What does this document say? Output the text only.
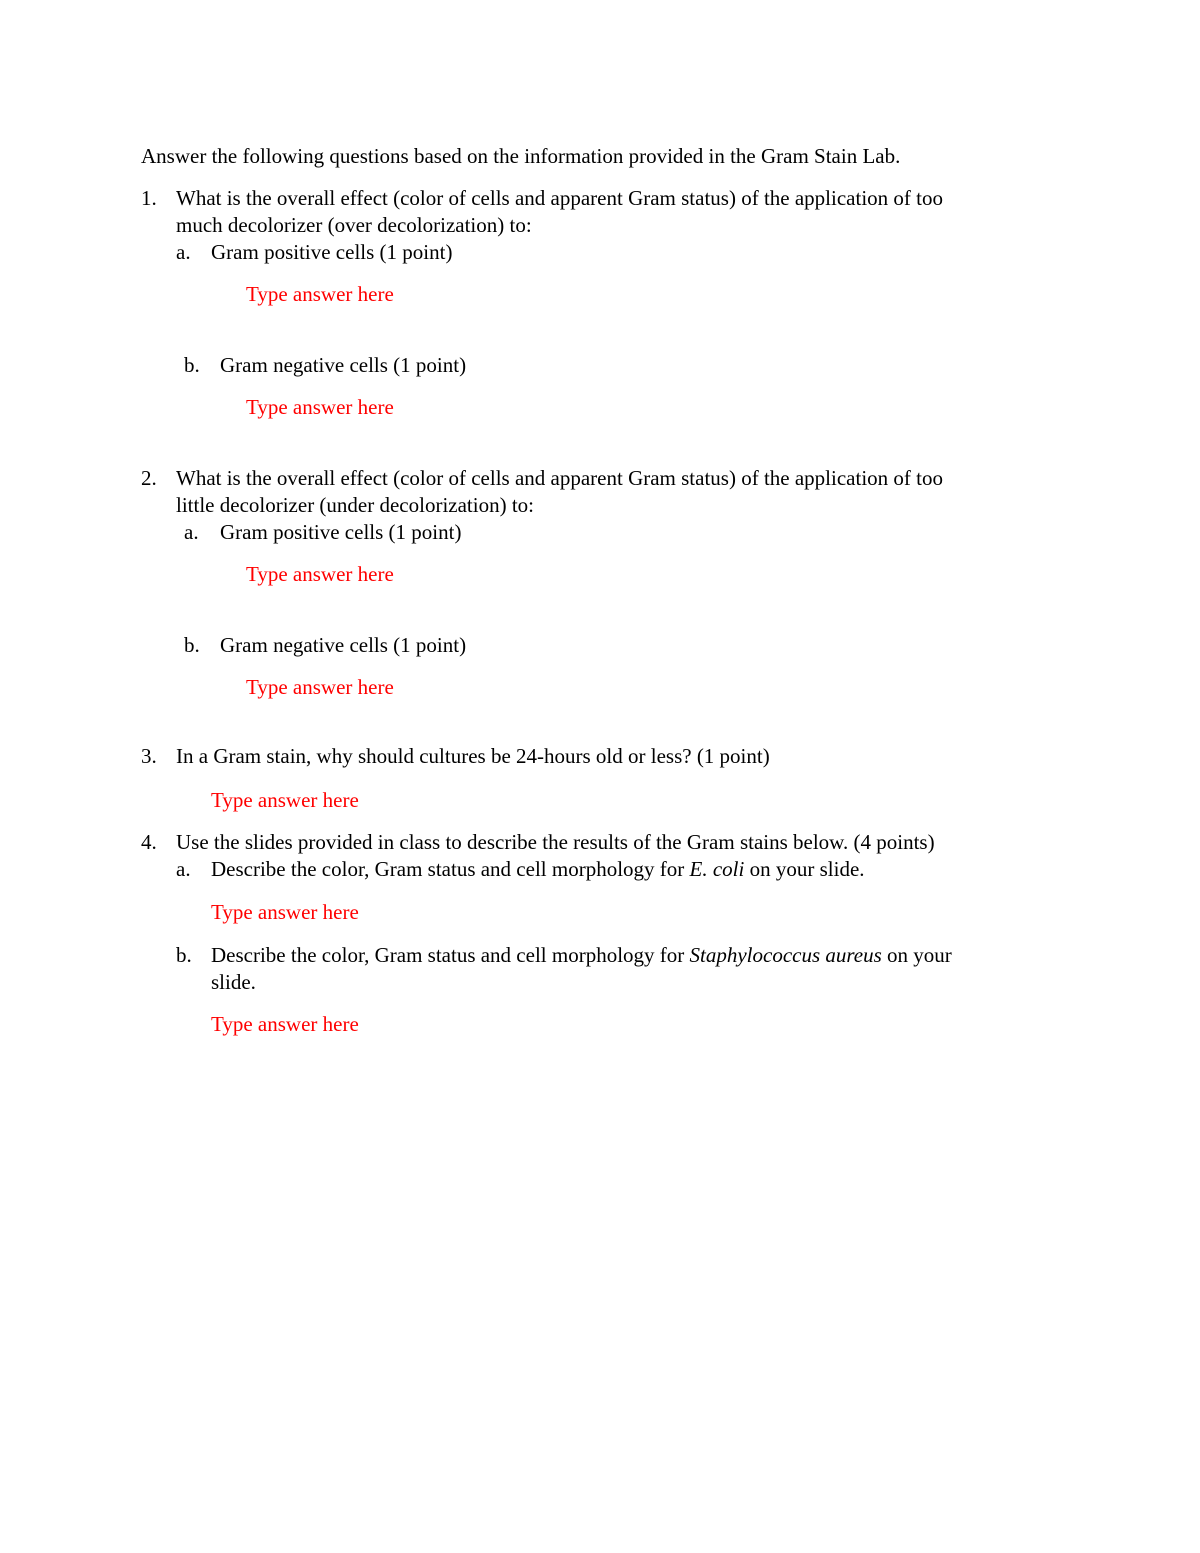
Answer the following questions based on the information provided in the Gram Stain Lab.
1. What is the overall effect (color of cells and apparent Gram status) of the application of too
much decolorizer (over decolorization) to:
a. Gram positive cells (1 point)
Type answer here
b. Gram negative cells (1 point)
Type answer here
2. What is the overall effect (color of cells and apparent Gram status) of the application of too
little decolorizer (under decolorization) to:
a. Gram positive cells (1 point)
Type answer here
b. Gram negative cells (1 point)
Type answer here
3. In a Gram stain, why should cultures be 24-hours old or less? (1 point)
Type answer here
4. Use the slides provided in class to describe the results of the Gram stains below. (4 points)
a. Describe the color, Gram status and cell morphology for E. coli on your slide.
Type answer here
b. Describe the color, Gram status and cell morphology for Staphylococcus aureus on your
slide.
Type answer here
